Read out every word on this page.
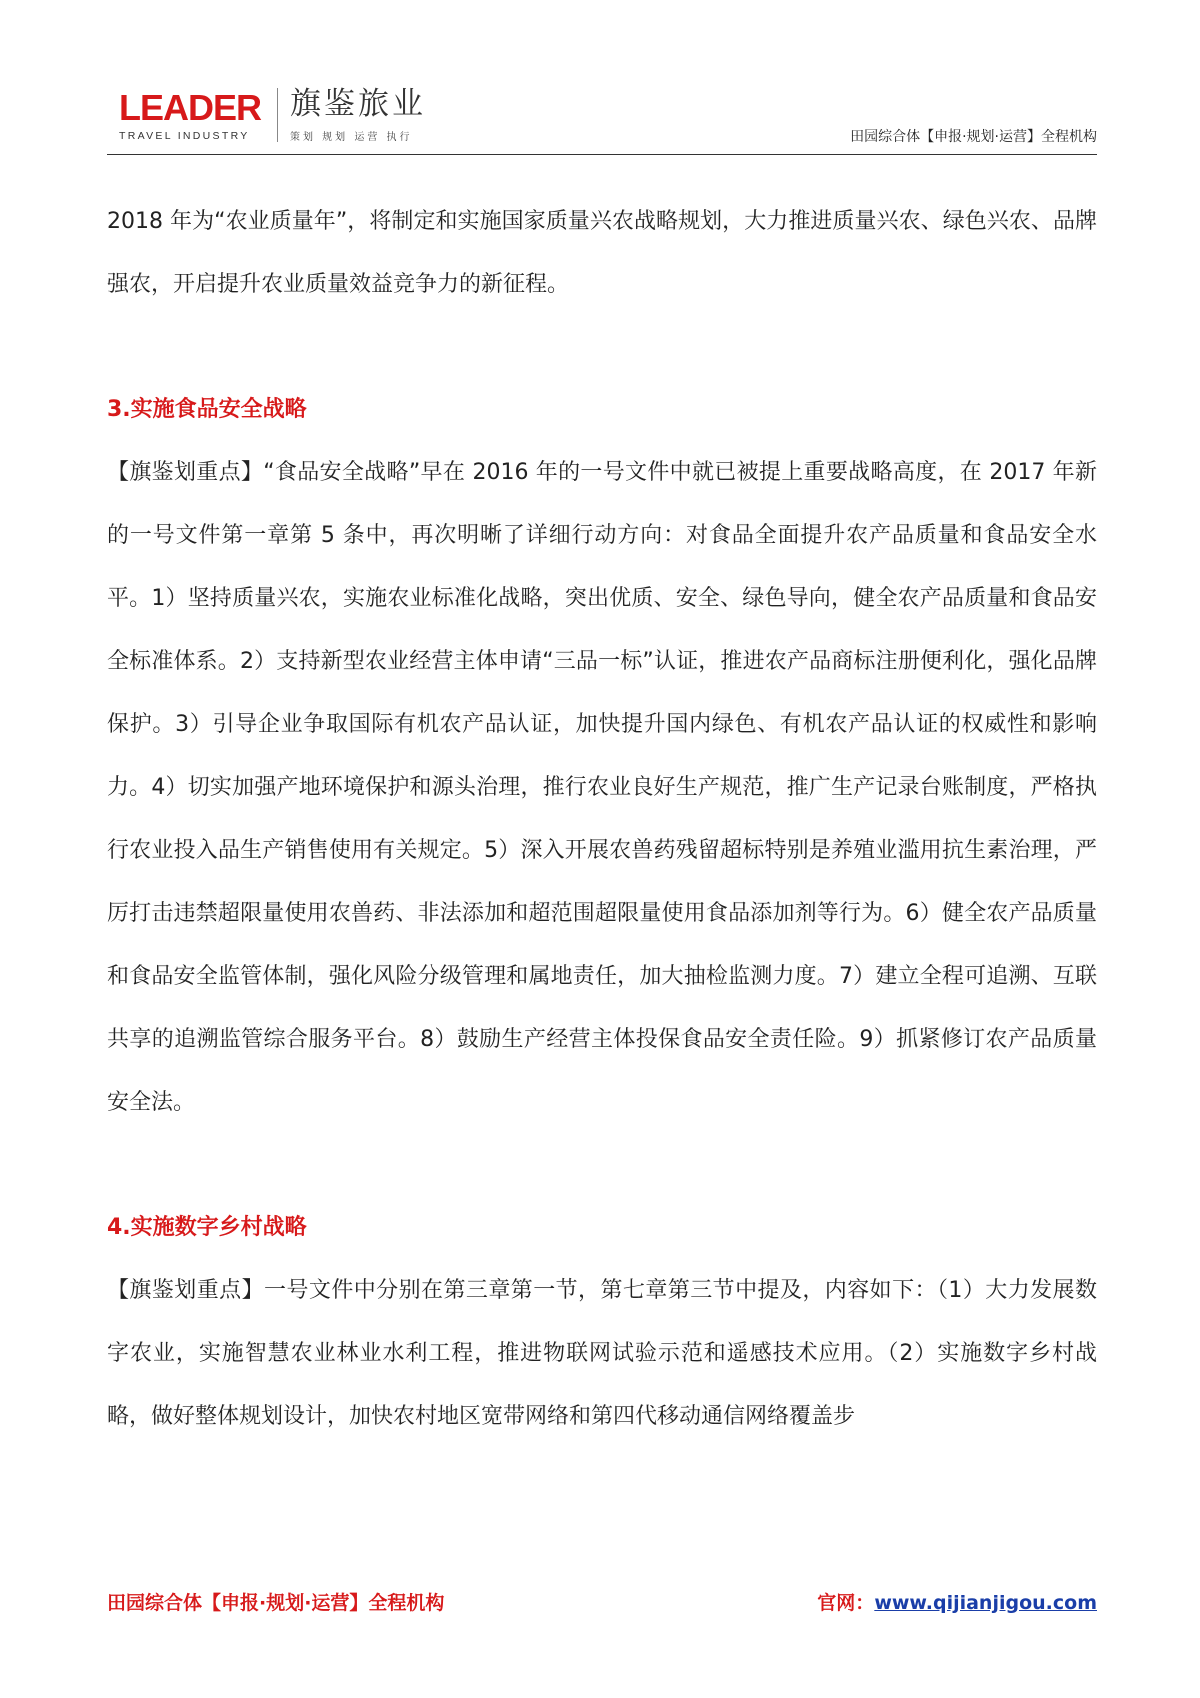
LEADER
TRAVEL INDUSTRY
旗鉴旅业
策划 规划 运营 执行	田园综合体【申报·规划·运营】全程机构

2018 年为“农业质量年”，将制定和实施国家质量兴农战略规划，大力推进质量兴农、绿色兴农、品牌强农，开启提升农业质量效益竞争力的新征程。

3.实施食品安全战略

【旗鉴划重点】“食品安全战略”早在 2016 年的一号文件中就已被提上重要战略高度，在 2017 年新的一号文件第一章第 5 条中，再次明晰了详细行动方向：对食品全面提升农产品质量和食品安全水平。1）坚持质量兴农，实施农业标准化战略，突出优质、安全、绿色导向，健全农产品质量和食品安全标准体系。2）支持新型农业经营主体申请“三品一标”认证，推进农产品商标注册便利化，强化品牌保护。3）引导企业争取国际有机农产品认证，加快提升国内绿色、有机农产品认证的权威性和影响力。4）切实加强产地环境保护和源头治理，推行农业良好生产规范，推广生产记录台账制度，严格执行农业投入品生产销售使用有关规定。5）深入开展农兽药残留超标特别是养殖业滥用抗生素治理，严厉打击违禁超限量使用农兽药、非法添加和超范围超限量使用食品添加剂等行为。6）健全农产品质量和食品安全监管体制，强化风险分级管理和属地责任，加大抽检监测力度。7）建立全程可追溯、互联共享的追溯监管综合服务平台。8）鼓励生产经营主体投保食品安全责任险。9）抓紧修订农产品质量安全法。

4.实施数字乡村战略

【旗鉴划重点】一号文件中分别在第三章第一节，第七章第三节中提及，内容如下：（1）大力发展数字农业，实施智慧农业林业水利工程，推进物联网试验示范和遥感技术应用。（2）实施数字乡村战略，做好整体规划设计，加快农村地区宽带网络和第四代移动通信网络覆盖步

田园综合体【申报·规划·运营】全程机构	官网：www.qijianjigou.com
